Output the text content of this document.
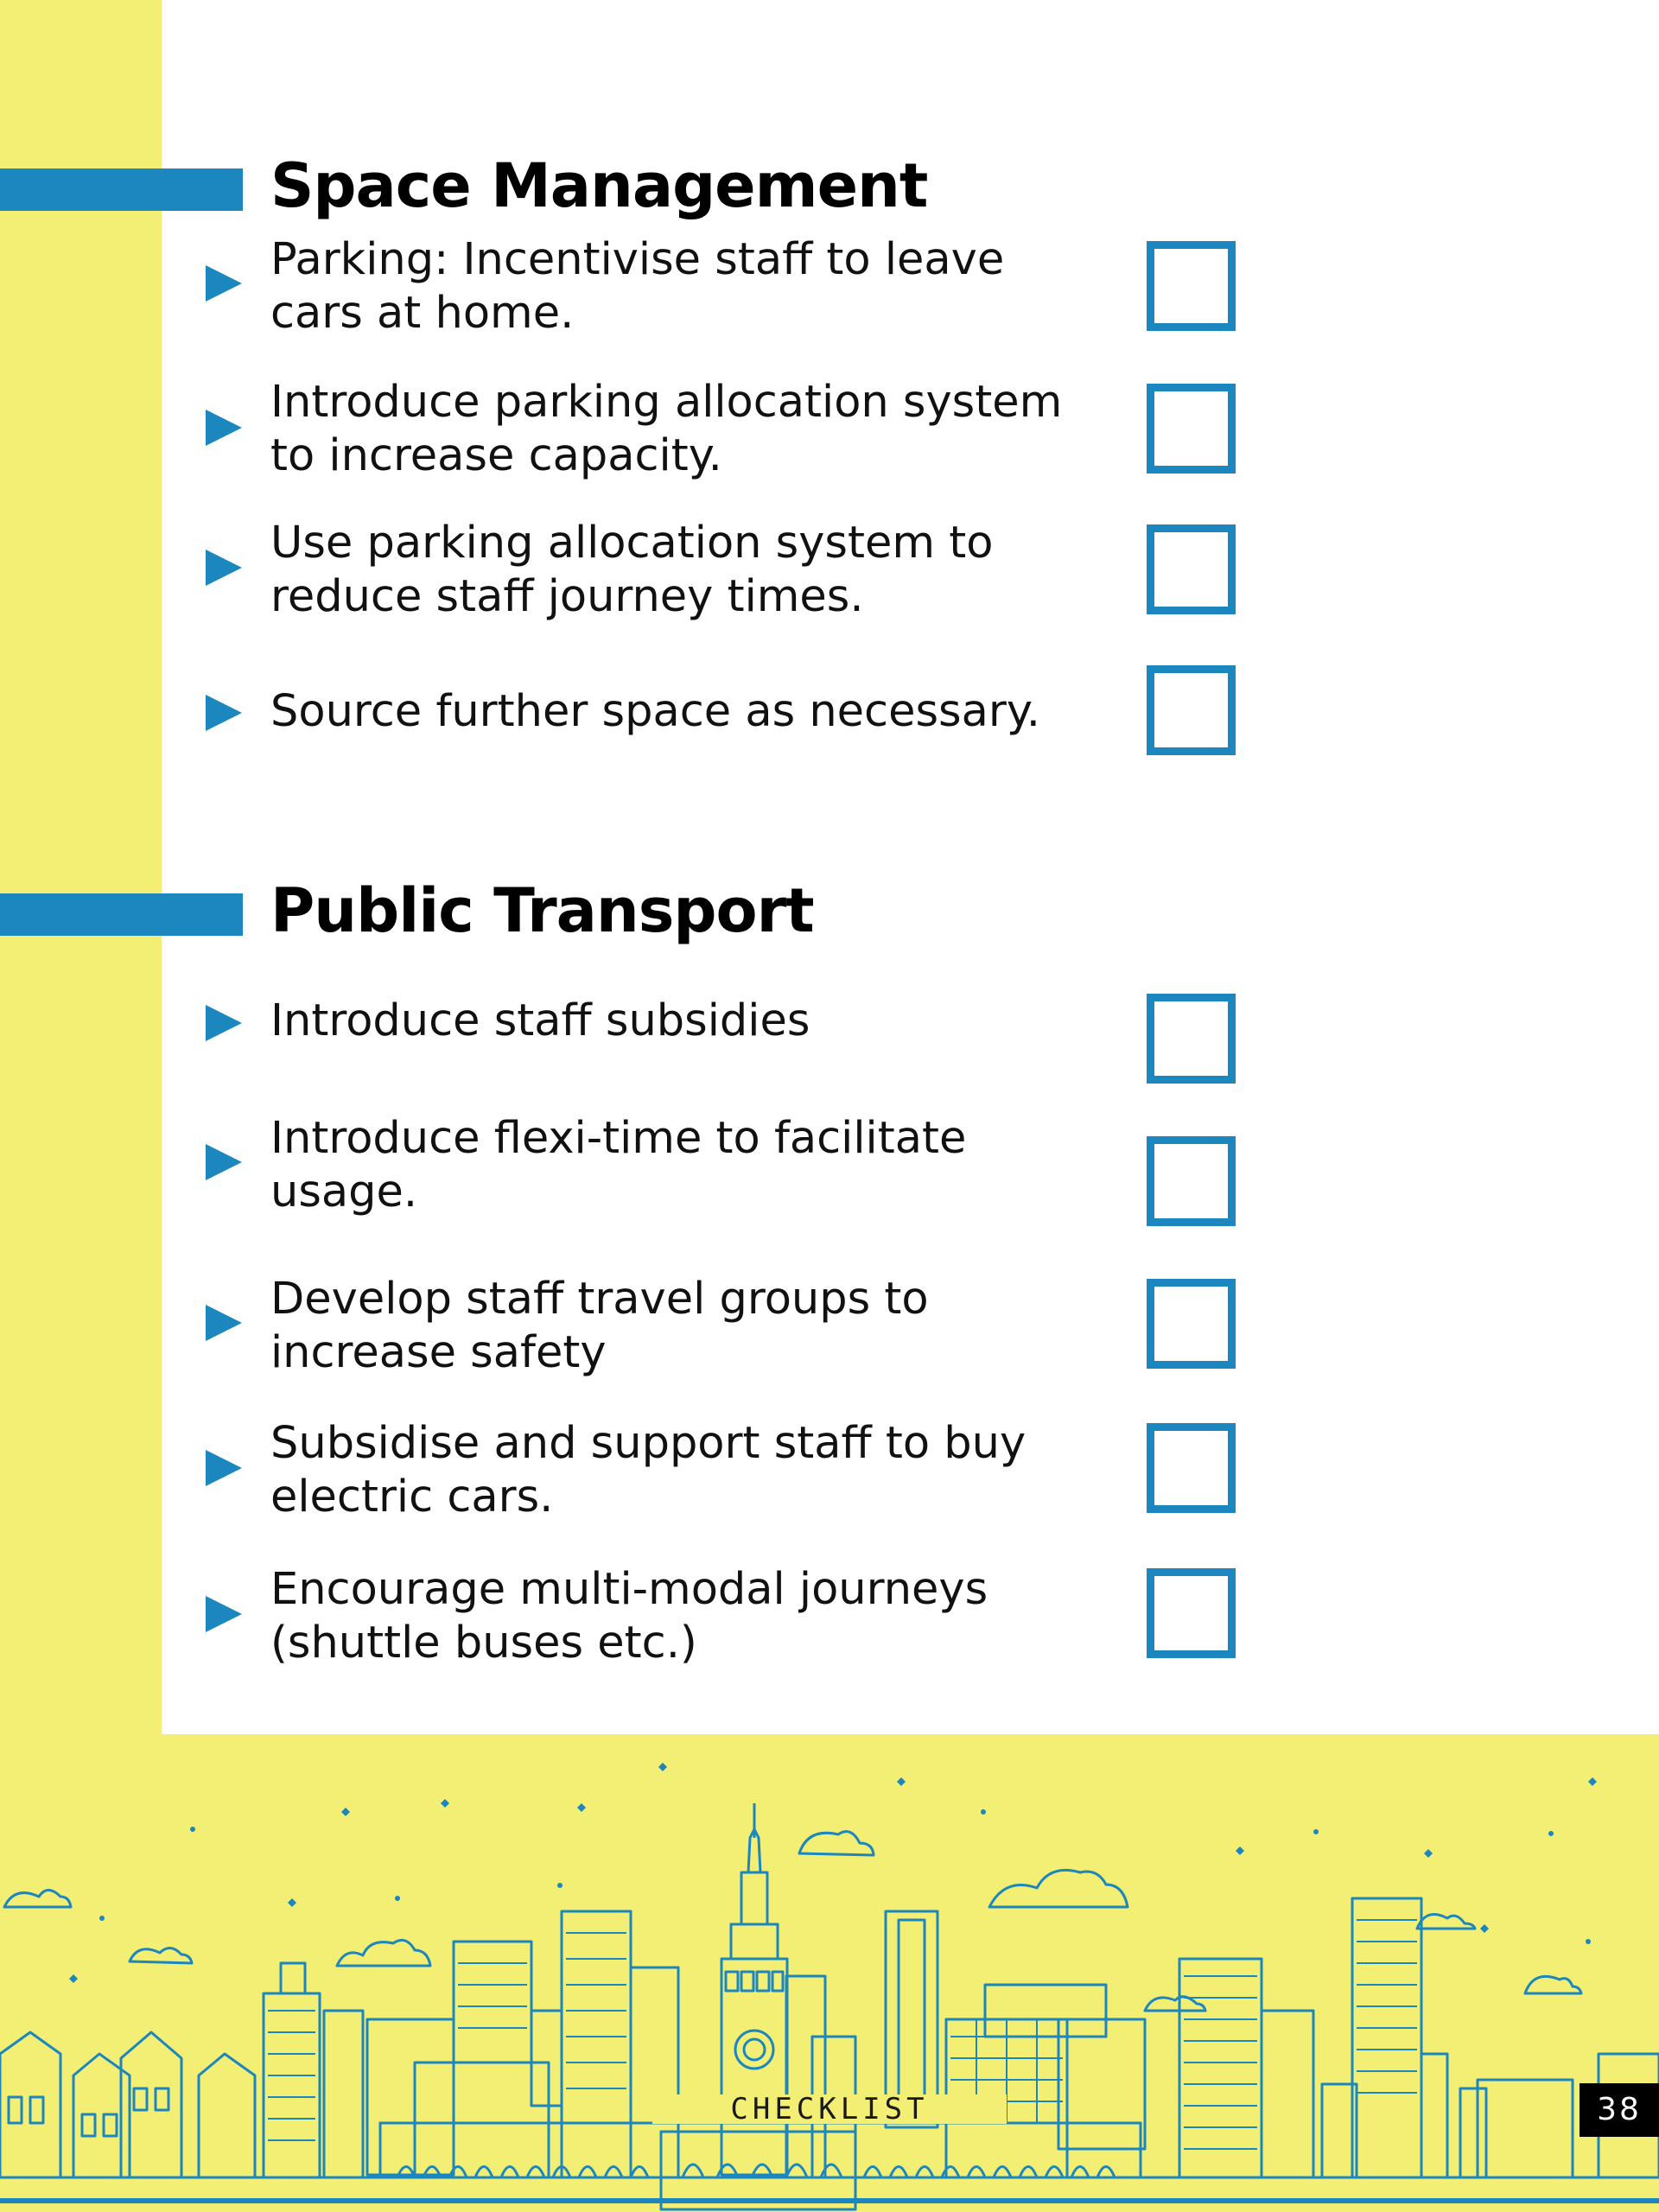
Space Management
Parking: Incentivise staff to leave cars at home.
Introduce parking allocation system to increase capacity.
Use parking allocation system to reduce staff journey times.
Source further space as necessary.
Public Transport
Introduce staff subsidies
Introduce flexi-time to facilitate usage.
Develop staff travel groups to increase safety
Subsidise and support staff to buy electric cars.
Encourage multi-modal journeys (shuttle buses etc.)
CHECKLIST	38
